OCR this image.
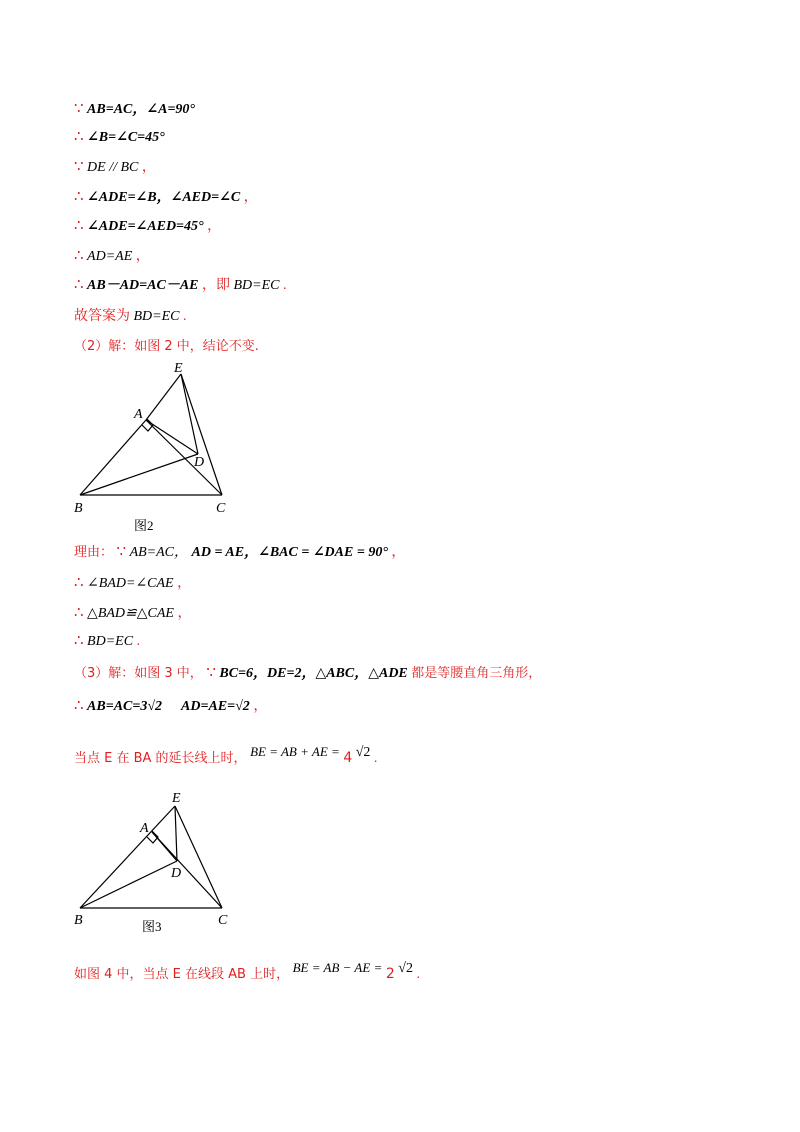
∵ AB=AC，∠A=90°
∴ ∠B=∠C=45°
∵ DE // BC ，
∴ ∠ADE=∠B，∠AED=∠C ，
∴ ∠ADE=∠AED=45° ，
∴ AD=AE ，
∴ AB－AD=AC－AE ，即 BD=EC .
故答案为 BD=EC .
（2）解：如图 2 中，结论不变.
A
B	C
D
E
图2
理由： ∵ AB=AC， AD = AE，∠BAC = ∠DAE = 90° ，
∴ ∠BAD=∠CAE ，
∴ △BAD≌△CAE ，
∴ BD=EC .
（3）解：如图 3 中， ∵ BC=6，DE=2，△ABC，△ADE 都是等腰直角三角形，
∴ AB=AC=3√2 AD=AE=√2 ，
当点 E 在 BA 的延长线上时， BE = AB + AE = 4 √2 .
A
B	C
D
E
图3
如图 4 中，当点 E 在线段 AB 上时， BE = AB − AE = 2 √2 .
